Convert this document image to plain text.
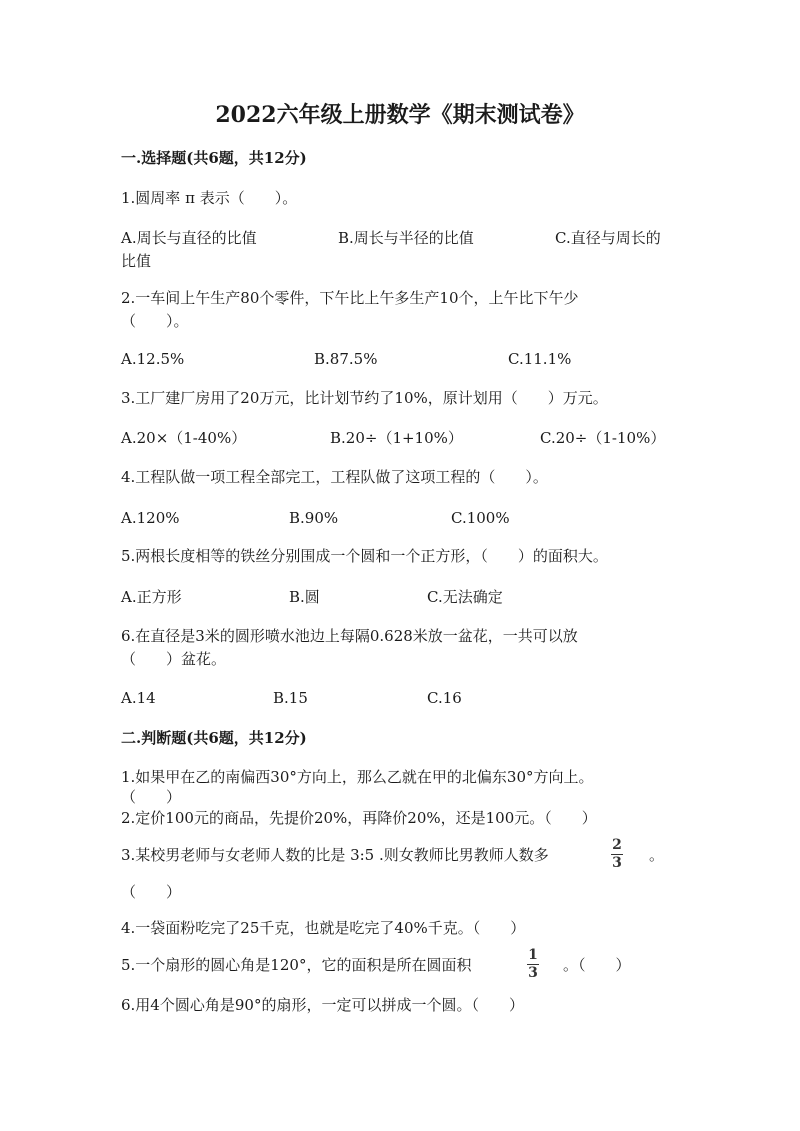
2022六年级上册数学《期末测试卷》
一.选择题(共6题，共12分)
1.圆周率 π 表示（　　）。
A.周长与直径的比值	B.周长与半径的比值	C.直径与周长的
比值
2.一车间上午生产80个零件，下午比上午多生产10个，上午比下午少
（　　）。
A.12.5%	B.87.5%	C.11.1%
3.工厂建厂房用了20万元，比计划节约了10%，原计划用（　　）万元。
A.20×（1-40%）	B.20÷（1+10%）	C.20÷（1-10%）
4.工程队做一项工程全部完工，工程队做了这项工程的（　　）。
A.120%	B.90%	C.100%
5.两根长度相等的铁丝分别围成一个圆和一个正方形，（　　）的面积大。
A.正方形	B.圆	C.无法确定
6.在直径是3米的圆形喷水池边上每隔0.628米放一盆花，一共可以放
（　　）盆花。
A.14	B.15	C.16
二.判断题(共6题，共12分)
1.如果甲在乙的南偏西30°方向上，那么乙就在甲的北偏东30°方向上。
（　　）
2.定价100元的商品，先提价20%，再降价20%，还是100元。（　　）
3.某校男老师与女老师人数的比是 3:5 .则女教师比男教师人数多
2
3 。
（　　）
4.一袋面粉吃完了25千克，也就是吃完了40%千克。（　　）
5.一个扇形的圆心角是120°，它的面积是所在圆面积
1
3 。（　　）
6.用4个圆心角是90°的扇形，一定可以拼成一个圆。（　　）
